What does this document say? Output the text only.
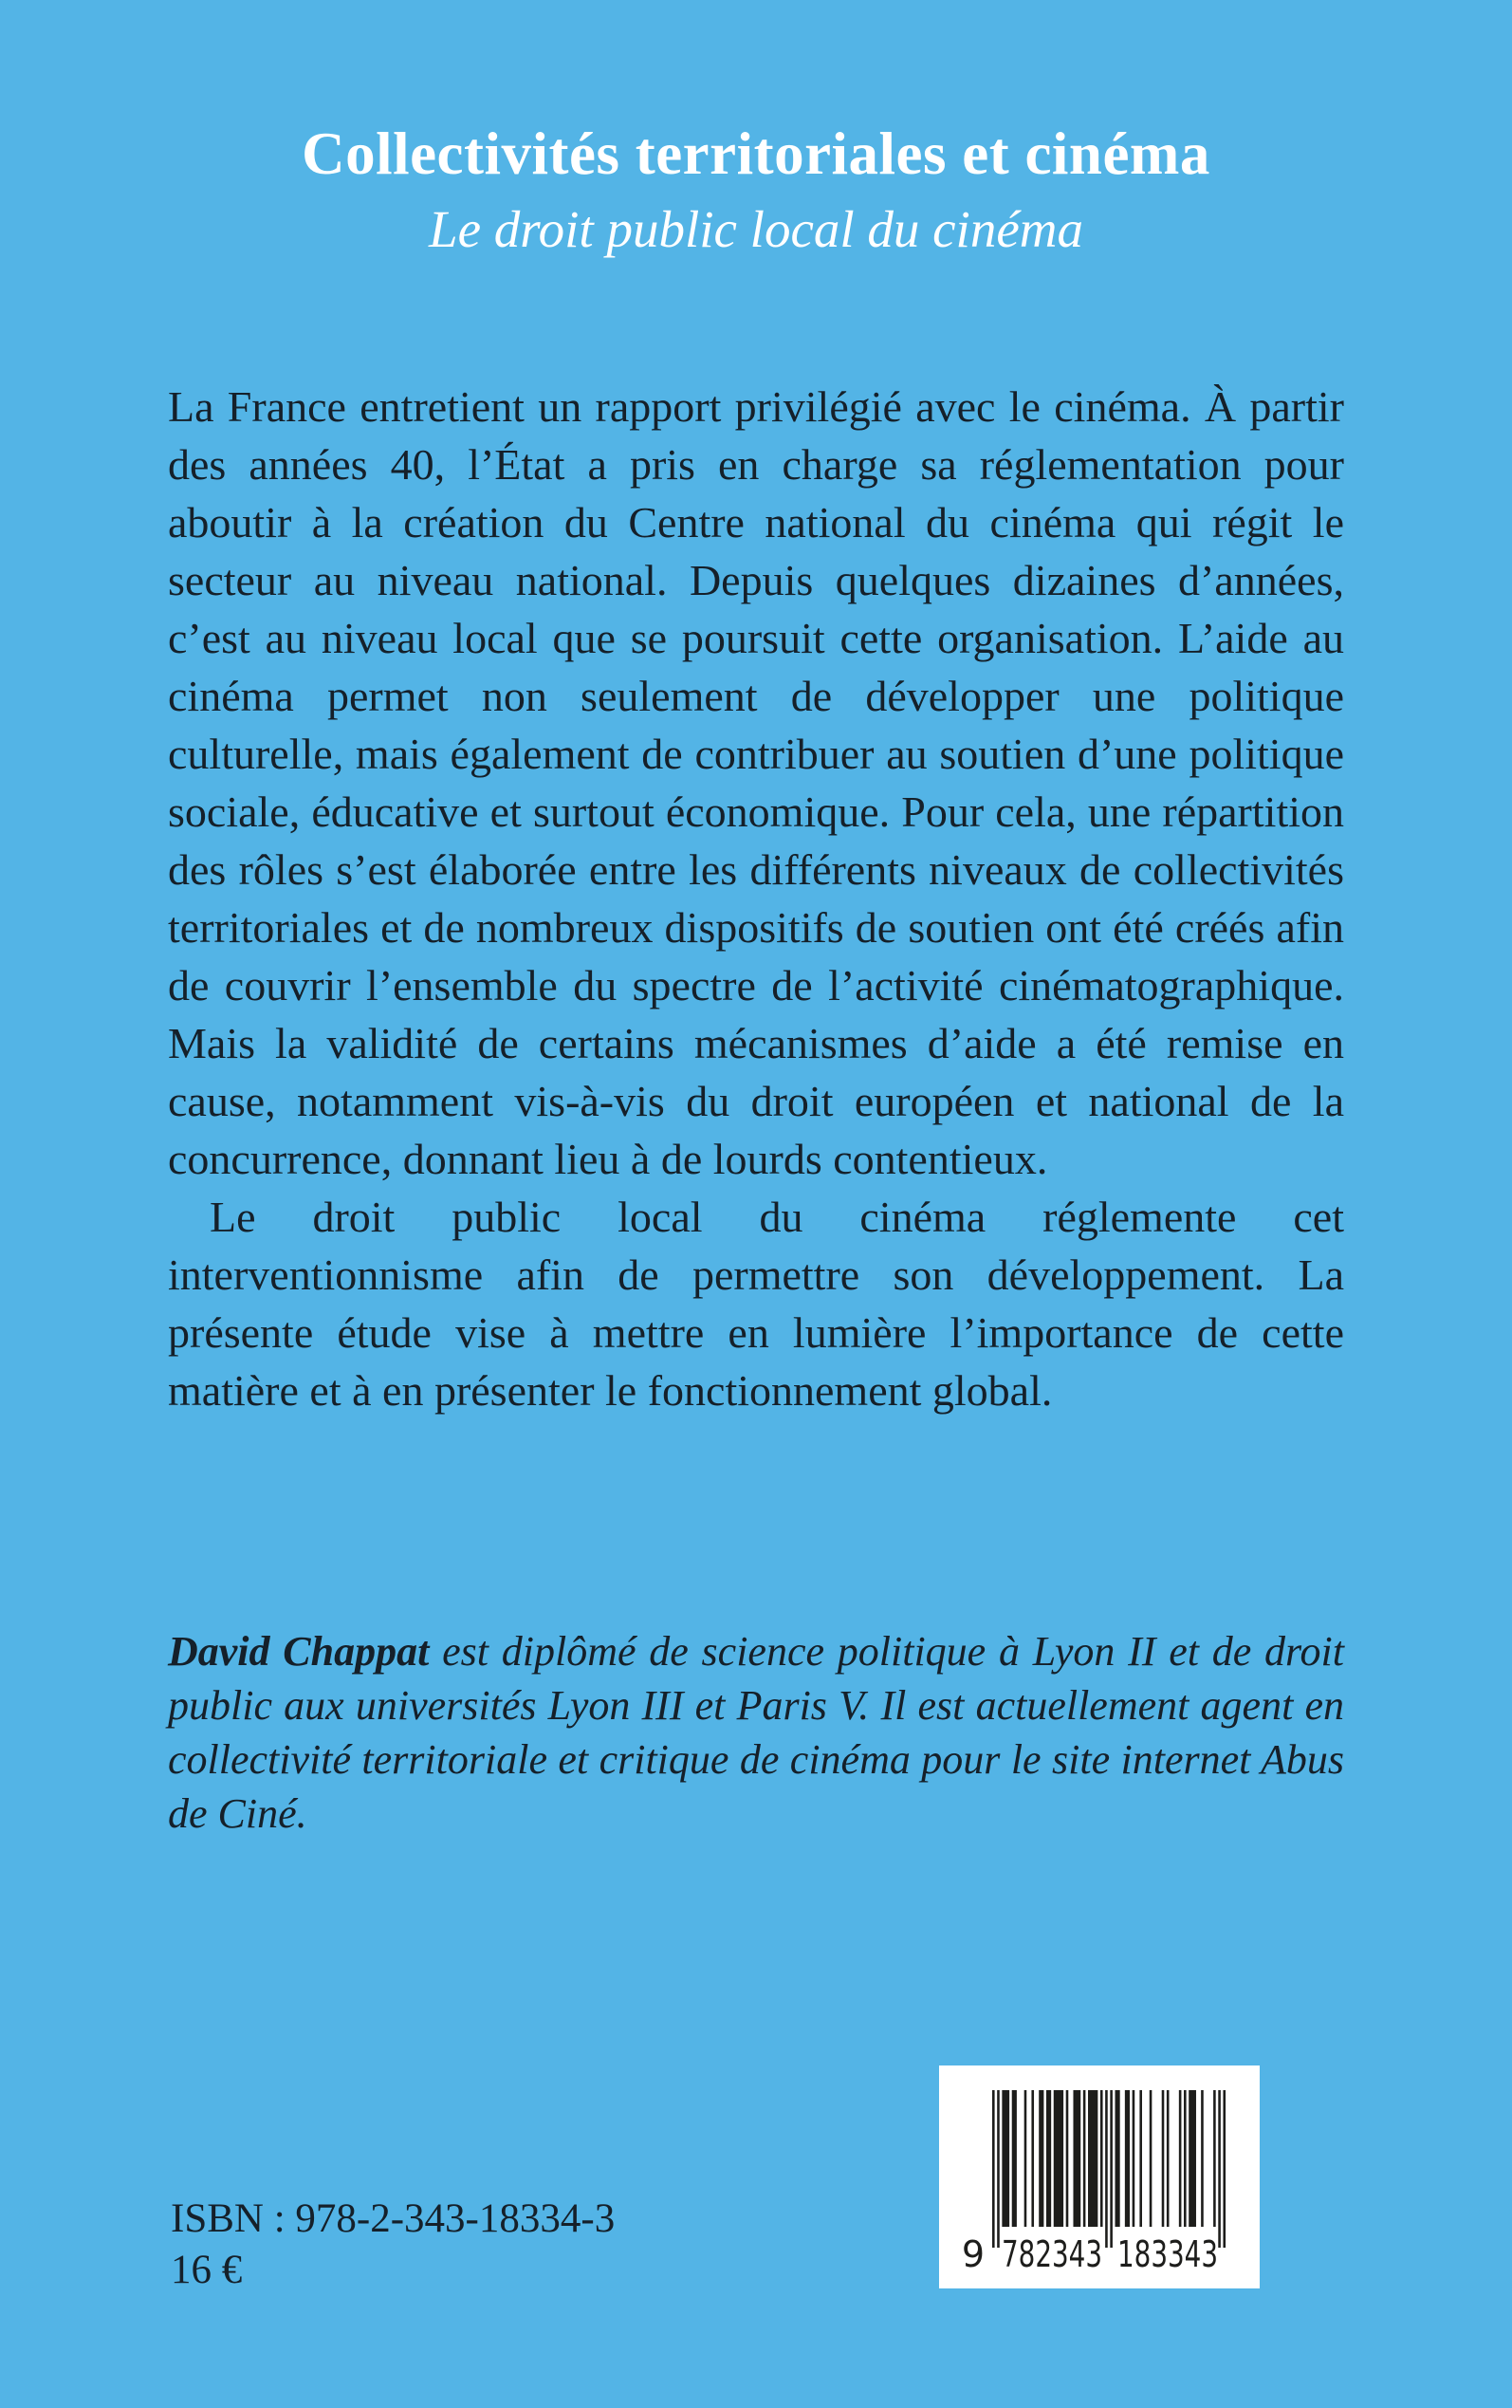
Collectivités territoriales et cinéma
Le droit public local du cinéma

La France entretient un rapport privilégié avec le cinéma. À partir des années 40, l’État a pris en charge sa réglementation pour aboutir à la création du Centre national du cinéma qui régit le secteur au niveau national. Depuis quelques dizaines d’années, c’est au niveau local que se poursuit cette organisation. L’aide au cinéma permet non seulement de développer une politique culturelle, mais également de contribuer au soutien d’une politique sociale, éducative et surtout économique. Pour cela, une répartition des rôles s’est élaborée entre les différents niveaux de collectivités territoriales et de nombreux dispositifs de soutien ont été créés afin de couvrir l’ensemble du spectre de l’activité cinématographique. Mais la validité de certains mécanismes d’aide a été remise en cause, notamment vis-à-vis du droit européen et national de la concurrence, donnant lieu à de lourds contentieux.

Le droit public local du cinéma réglemente cet interventionnisme afin de permettre son développement. La présente étude vise à mettre en lumière l’importance de cette matière et à en présenter le fonctionnement global.

David Chappat est diplômé de science politique à Lyon II et de droit public aux universités Lyon III et Paris V. Il est actuellement agent en collectivité territoriale et critique de cinéma pour le site internet Abus de Ciné.

ISBN : 978-2-343-18334-3
16 €	9 782343 183343
